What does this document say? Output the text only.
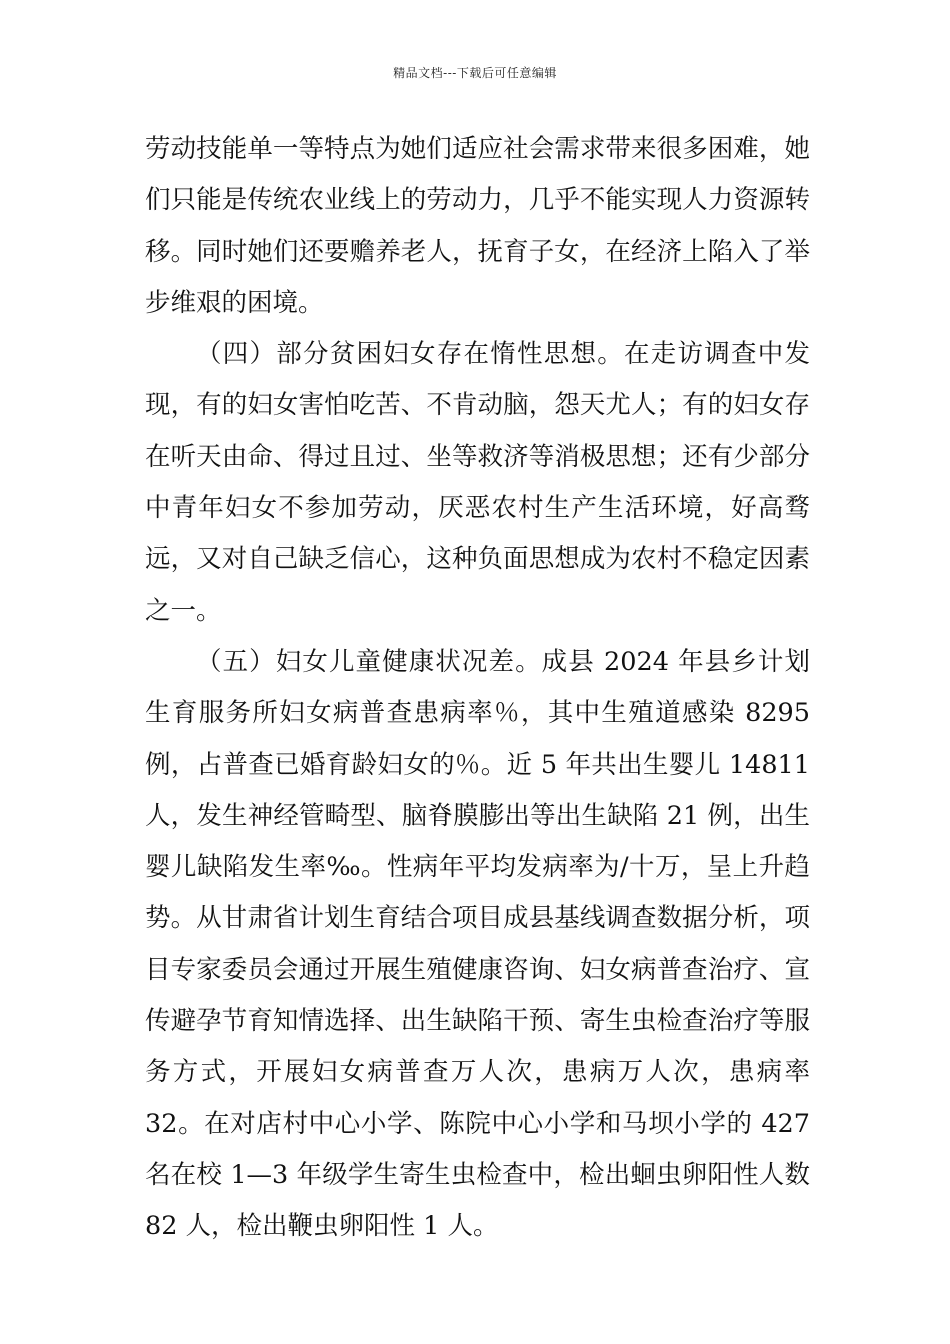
精品文档---下载后可任意编辑

劳动技能单一等特点为她们适应社会需求带来很多困难，她们只能是传统农业线上的劳动力，几乎不能实现人力资源转移。同时她们还要赡养老人，抚育子女，在经济上陷入了举步维艰的困境。

（四）部分贫困妇女存在惰性思想。在走访调查中发现，有的妇女害怕吃苦、不肯动脑，怨天尤人；有的妇女存在听天由命、得过且过、坐等救济等消极思想；还有少部分中青年妇女不参加劳动，厌恶农村生产生活环境，好高骛远，又对自己缺乏信心，这种负面思想成为农村不稳定因素之一。

（五）妇女儿童健康状况差。成县 2024 年县乡计划生育服务所妇女病普查患病率％，其中生殖道感染 8295 例，占普查已婚育龄妇女的％。近 5 年共出生婴儿 14811 人，发生神经管畸型、脑脊膜膨出等出生缺陷 21 例，出生婴儿缺陷发生率‰。性病年平均发病率为/十万，呈上升趋势。从甘肃省计划生育结合项目成县基线调查数据分析，项目专家委员会通过开展生殖健康咨询、妇女病普查治疗、宣传避孕节育知情选择、出生缺陷干预、寄生虫检查治疗等服务方式，开展妇女病普查万人次，患病万人次，患病率 32。在对店村中心小学、陈院中心小学和马坝小学的 427 名在校 1—3 年级学生寄生虫检查中，检出蛔虫卵阳性人数 82 人，检出鞭虫卵阳性 1 人。
